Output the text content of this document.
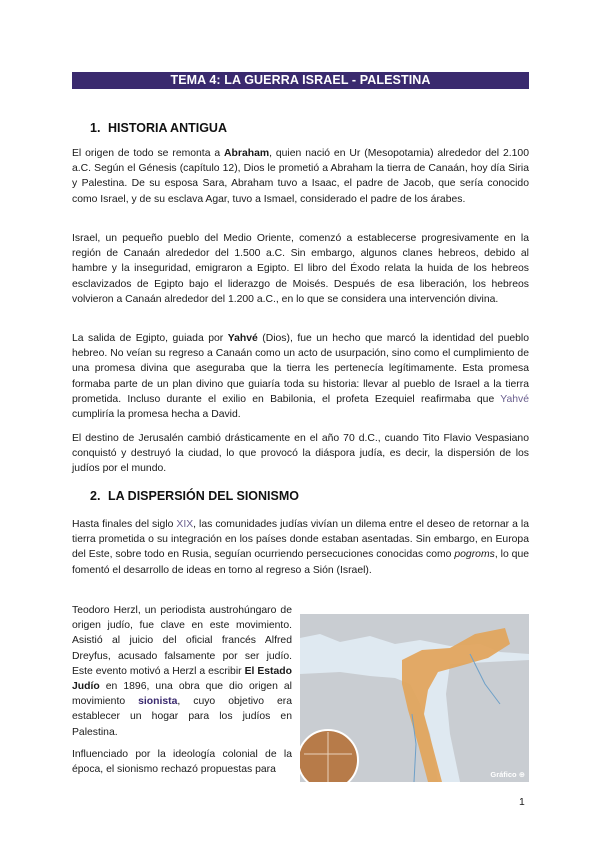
TEMA 4: LA GUERRA ISRAEL - PALESTINA
1. HISTORIA ANTIGUA

El origen de todo se remonta a Abraham, quien nació en Ur (Mesopotamia) alrededor del 2.100 a.C. Según el Génesis (capítulo 12), Dios le prometió a Abraham la tierra de Canaán, hoy día Siria y Palestina. De su esposa Sara, Abraham tuvo a Isaac, el padre de Jacob, que sería conocido como Israel, y de su esclava Agar, tuvo a Ismael, considerado el padre de los árabes.

Israel, un pequeño pueblo del Medio Oriente, comenzó a establecerse progresivamente en la región de Canaán alrededor del 1.500 a.C. Sin embargo, algunos clanes hebreos, debido al hambre y la inseguridad, emigraron a Egipto. El libro del Éxodo relata la huida de los hebreos esclavizados de Egipto bajo el liderazgo de Moisés. Después de esa liberación, los hebreos volvieron a Canaán alrededor del 1.200 a.C., en lo que se considera una intervención divina.

La salida de Egipto, guiada por Yahvé (Dios), fue un hecho que marcó la identidad del pueblo hebreo. No veían su regreso a Canaán como un acto de usurpación, sino como el cumplimiento de una promesa divina que aseguraba que la tierra les pertenecía legítimamente. Esta promesa formaba parte de un plan divino que guiaría toda su historia: llevar al pueblo de Israel a la tierra prometida. Incluso durante el exilio en Babilonia, el profeta Ezequiel reafirmaba que Yahvé cumpliría la promesa hecha a David.

El destino de Jerusalén cambió drásticamente en el año 70 d.C., cuando Tito Flavio Vespasiano conquistó y destruyó la ciudad, lo que provocó la diáspora judía, es decir, la dispersión de los judíos por el mundo.

2. LA DISPERSIÓN DEL SIONISMO

Hasta finales del siglo XIX, las comunidades judías vivían un dilema entre el deseo de retornar a la tierra prometida o su integración en los países donde estaban asentadas. Sin embargo, en Europa del Este, sobre todo en Rusia, seguían ocurriendo persecuciones conocidas como pogroms, lo que fomentó el desarrollo de ideas en torno al regreso a Sión (Israel).

Teodoro Herzl, un periodista austrohúngaro de origen judío, fue clave en este movimiento. Asistió al juicio del oficial francés Alfred Dreyfus, acusado falsamente por ser judío. Este evento motivó a Herzl a escribir El Estado Judío en 1896, una obra que dio origen al movimiento sionista, cuyo objetivo era establecer un hogar para los judíos en Palestina.

Influenciado por la ideología colonial de la época, el sionismo rechazó propuestas para	Gráfico ⊕
1
